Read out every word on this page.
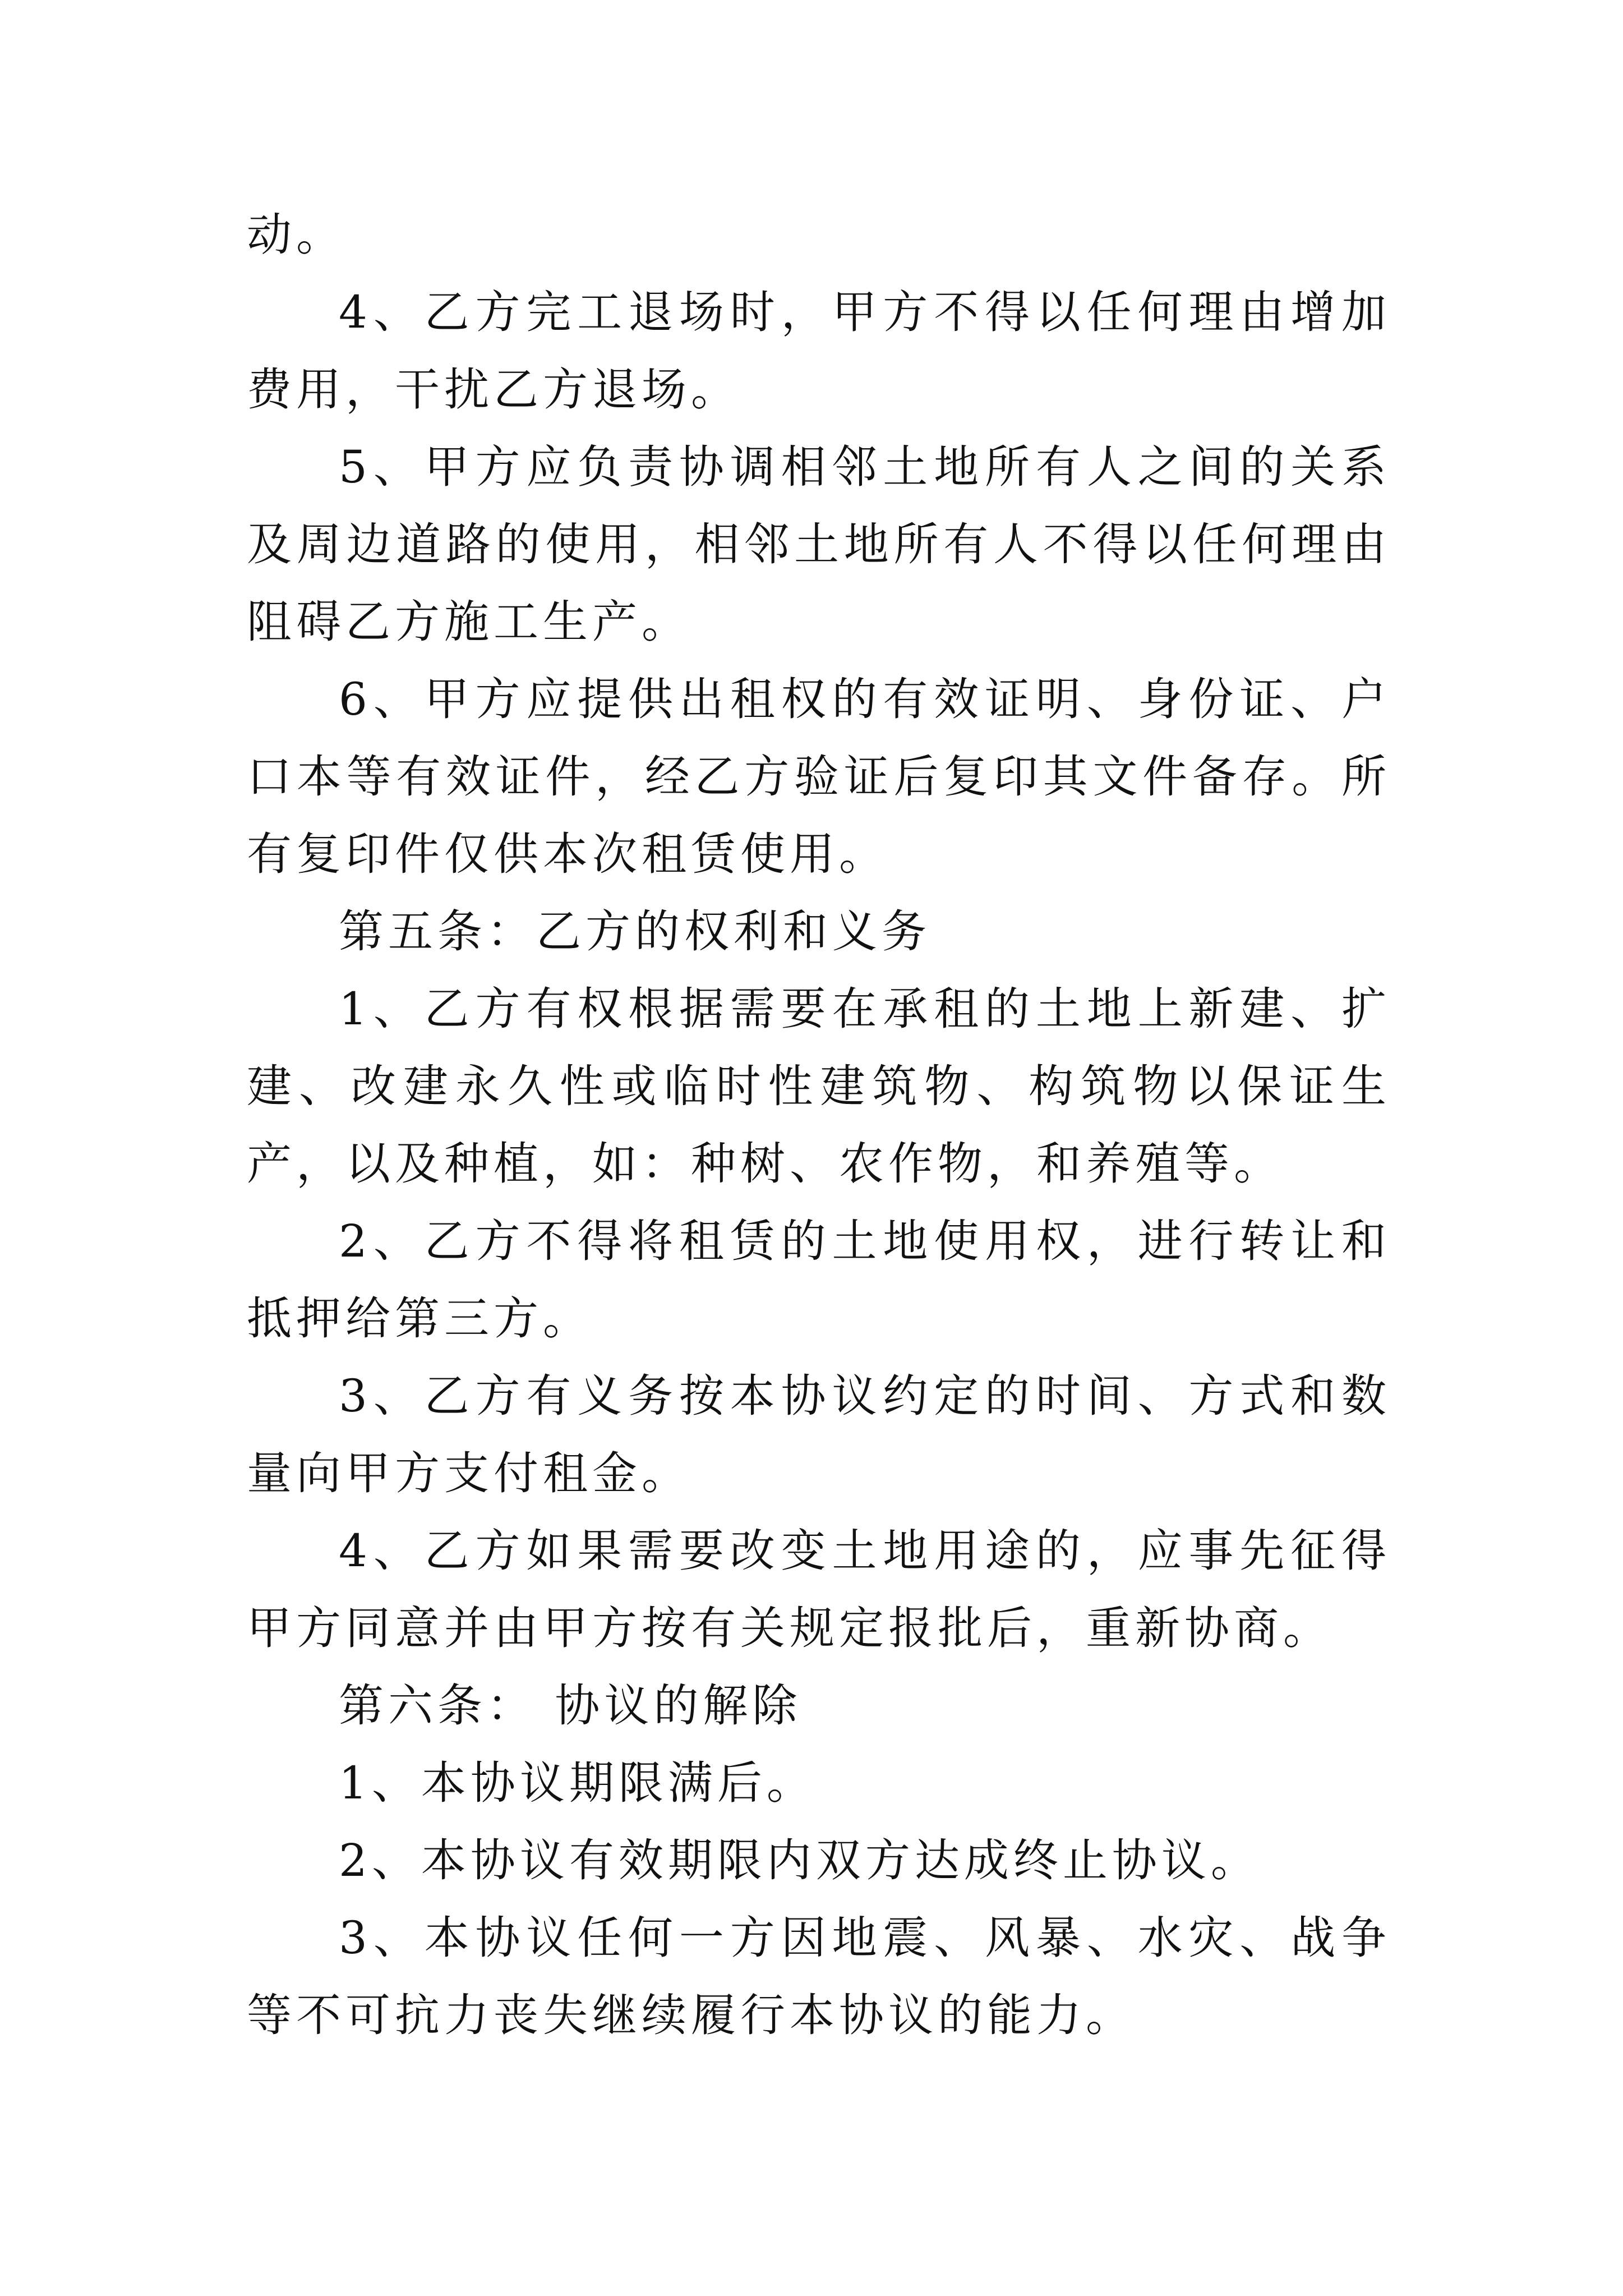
动。

4、乙方完工退场时，甲方不得以任何理由增加费用，干扰乙方退场。

5、甲方应负责协调相邻土地所有人之间的关系及周边道路的使用，相邻土地所有人不得以任何理由阻碍乙方施工生产。

6、甲方应提供出租权的有效证明、身份证、户口本等有效证件，经乙方验证后复印其文件备存。所有复印件仅供本次租赁使用。

第五条：乙方的权利和义务

1、乙方有权根据需要在承租的土地上新建、扩建、改建永久性或临时性建筑物、构筑物以保证生产，以及种植，如：种树、农作物，和养殖等。

2、乙方不得将租赁的土地使用权，进行转让和抵押给第三方。

3、乙方有义务按本协议约定的时间、方式和数量向甲方支付租金。

4、乙方如果需要改变土地用途的，应事先征得甲方同意并由甲方按有关规定报批后，重新协商。

第六条： 协议的解除

1、本协议期限满后。

2、本协议有效期限内双方达成终止协议。

3、本协议任何一方因地震、风暴、水灾、战争等不可抗力丧失继续履行本协议的能力。
